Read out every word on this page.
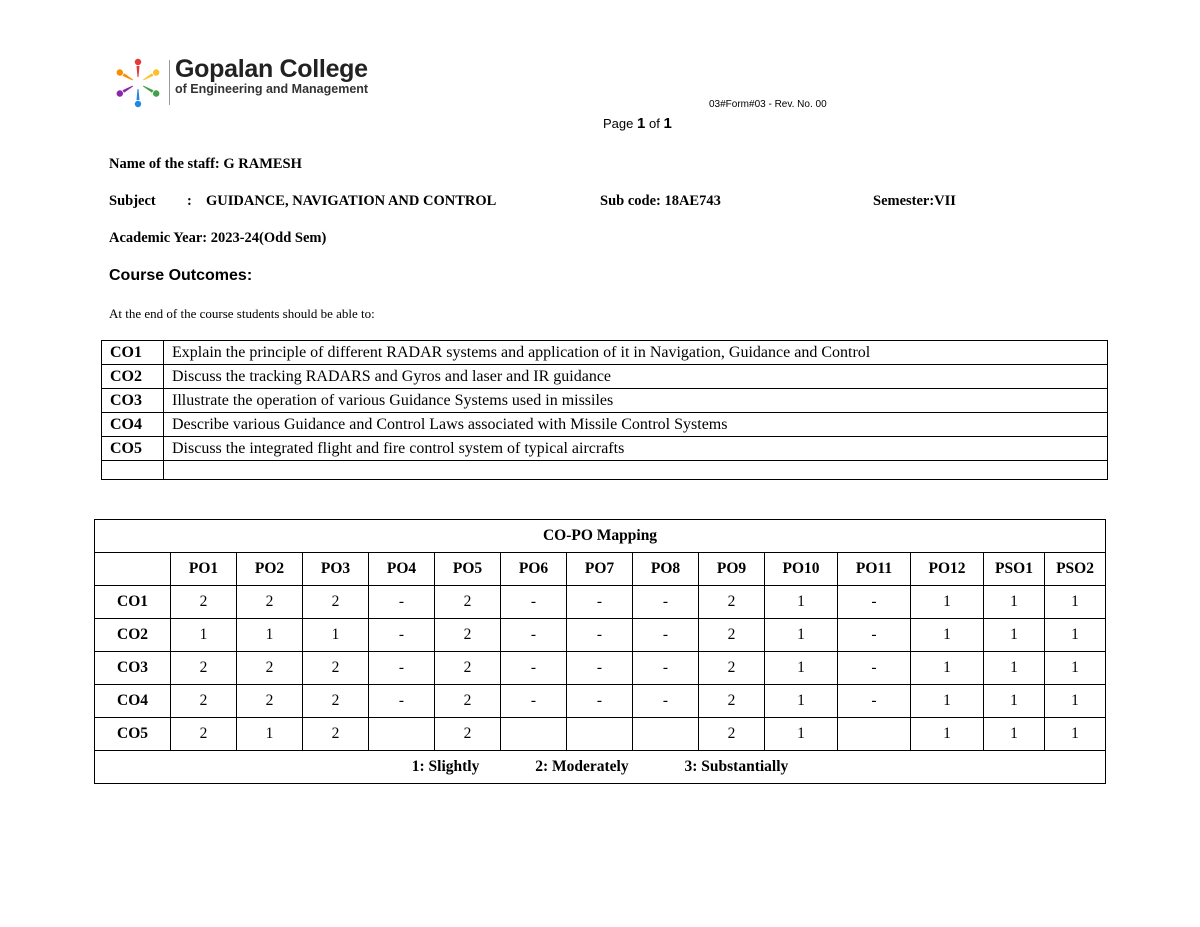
Gopalan College
of Engineering and Management
03#Form#03 - Rev. No. 00
Page 1 of 1
Name of the staff: G RAMESH
Subject : GUIDANCE, NAVIGATION AND CONTROL	Sub code: 18AE743	Semester:VII
Academic Year: 2023-24(Odd Sem)
Course Outcomes:
At the end of the course students should be able to:
CO1	Explain the principle of different RADAR systems and application of it in Navigation, Guidance and Control
CO2	Discuss the tracking RADARS and Gyros and laser and IR guidance
CO3	Illustrate the operation of various Guidance Systems used in missiles
CO4	Describe various Guidance and Control Laws associated with Missile Control Systems
CO5	Discuss the integrated flight and fire control system of typical aircrafts

CO-PO Mapping														
	PO1	PO2	PO3	PO4	PO5	PO6	PO7	PO8	PO9	PO10	PO11	PO12	PSO1	PSO2
CO1	2	2	2	-	2	-	-	-	2	1	-	1	1	1
CO2	1	1	1	-	2	-	-	-	2	1	-	1	1	1
CO3	2	2	2	-	2	-	-	-	2	1	-	1	1	1
CO4	2	2	2	-	2	-	-	-	2	1	-	1	1	1
CO5	2	1	2		2				2	1		1	1	1
1: Slightly 2: Moderately 3: Substantially														
